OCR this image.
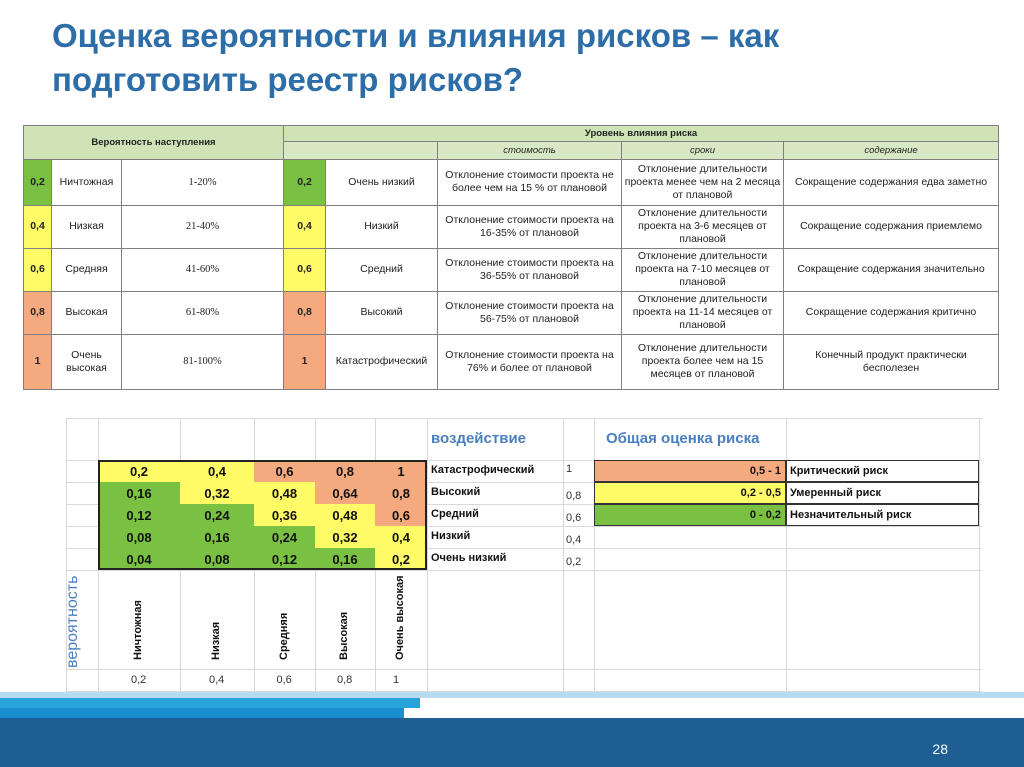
Оценка вероятности и влияния рисков – как подготовить реестр рисков?
Вероятность наступления			Уровень влияния риска				
					стоимость	сроки	содержание
0,2	Ничтожная	1-20%	0,2	Очень низкий	Отклонение стоимости проекта не более чем на 15 % от плановой	Отклонение длительности проекта менее чем на 2 месяца от плановой	Сокращение содержания едва заметно
0,4	Низкая	21-40%	0,4	Низкий	Отклонение стоимости проекта на 16-35% от плановой	Отклонение длительности проекта на 3-6 месяцев от плановой	Сокращение содержания приемлемо
0,6	Средняя	41-60%	0,6	Средний	Отклонение стоимости проекта на 36-55% от плановой	Отклонение длительности проекта на 7-10 месяцев от плановой	Сокращение содержания значительно
0,8	Высокая	61-80%	0,8	Высокий	Отклонение стоимости проекта на 56-75% от плановой	Отклонение длительности проекта на 11-14 месяцев от плановой	Сокращение содержания критично
1	Очень высокая	81-100%	1	Катастрофический	Отклонение стоимости проекта на 76% и более от плановой	Отклонение длительности проекта более чем на 15 месяцев от плановой	Конечный продукт практически бесполезен
0,2	0,4	0,6	0,8	1	Катастрофический	1
0,16	0,32	0,48	0,64	0,8	Высокий	0,8
0,12	0,24	0,36	0,48	0,6	Средний	0,6
0,08	0,16	0,24	0,32	0,4	Низкий	0,4
0,04	0,08	0,12	0,16	0,2	Очень низкий	0,2
воздействие	Общая оценка риска
0,5 - 1 Критический риск
0,2 - 0,5 Умеренный риск
0 - 0,2 Незначительный риск
Ничтожная
0,2
Низкая
0,4
Средняя
0,6
Высокая
0,8
Очень высокая
1
вероятность
28
